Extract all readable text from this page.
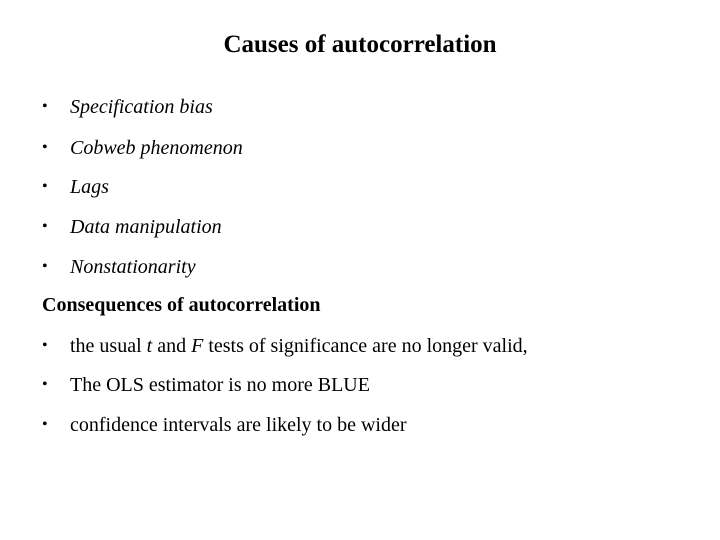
Causes of autocorrelation
• Specification bias
• Cobweb phenomenon
• Lags
• Data manipulation
• Nonstationarity
Consequences of autocorrelation
• the usual t and F tests of significance are no longer valid,
• The OLS estimator is no more BLUE
• confidence intervals are likely to be wider
